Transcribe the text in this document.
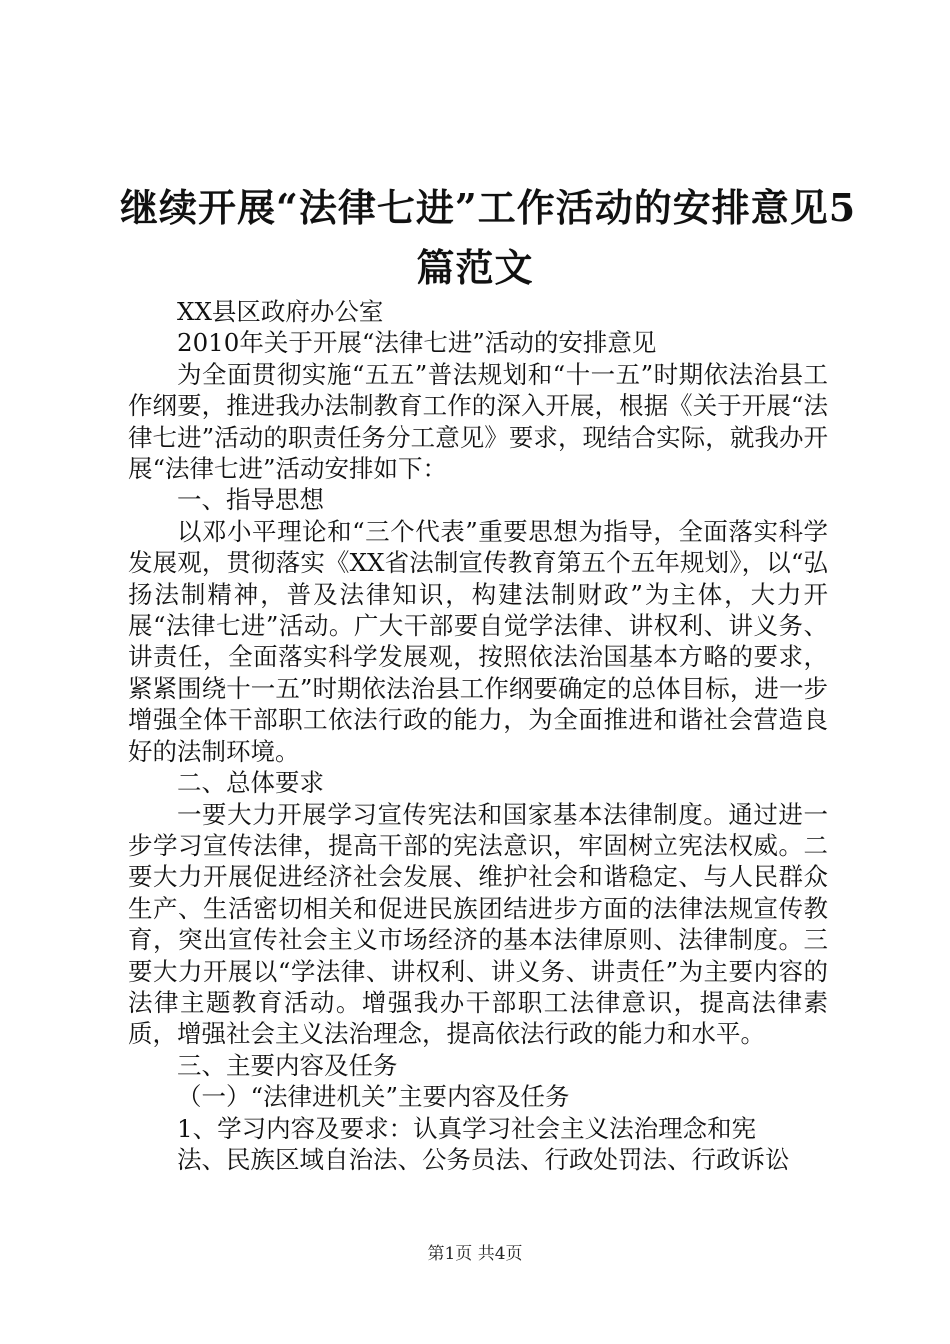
继续开展“法律七进”工作活动的安排意见5
篇范文

XX县区政府办公室

2010年关于开展“法律七进”活动的安排意见

为全面贯彻实施“五五”普法规划和“十一五”时期依法治县工作纲要，推进我办法制教育工作的深入开展，根据《关于开展“法律七进”活动的职责任务分工意见》要求，现结合实际，就我办开展“法律七进”活动安排如下：

一、指导思想

以邓小平理论和“三个代表”重要思想为指导，全面落实科学发展观，贯彻落实《XX省法制宣传教育第五个五年规划》，以“弘扬法制精神，普及法律知识，构建法制财政”为主体，大力开展“法律七进”活动。广大干部要自觉学法律、讲权利、讲义务、讲责任，全面落实科学发展观，按照依法治国基本方略的要求，紧紧围绕十一五”时期依法治县工作纲要确定的总体目标，进一步增强全体干部职工依法行政的能力，为全面推进和谐社会营造良好的法制环境。

二、总体要求

一要大力开展学习宣传宪法和国家基本法律制度。通过进一步学习宣传法律，提高干部的宪法意识，牢固树立宪法权威。二要大力开展促进经济社会发展、维护社会和谐稳定、与人民群众生产、生活密切相关和促进民族团结进步方面的法律法规宣传教育，突出宣传社会主义市场经济的基本法律原则、法律制度。三要大力开展以“学法律、讲权利、讲义务、讲责任”为主要内容的法律主题教育活动。增强我办干部职工法律意识，提高法律素质，增强社会主义法治理念，提高依法行政的能力和水平。

三、主要内容及任务

（一）“法律进机关”主要内容及任务

1、学习内容及要求：认真学习社会主义法治理念和宪

法、民族区域自治法、公务员法、行政处罚法、行政诉讼

第1页 共4页
